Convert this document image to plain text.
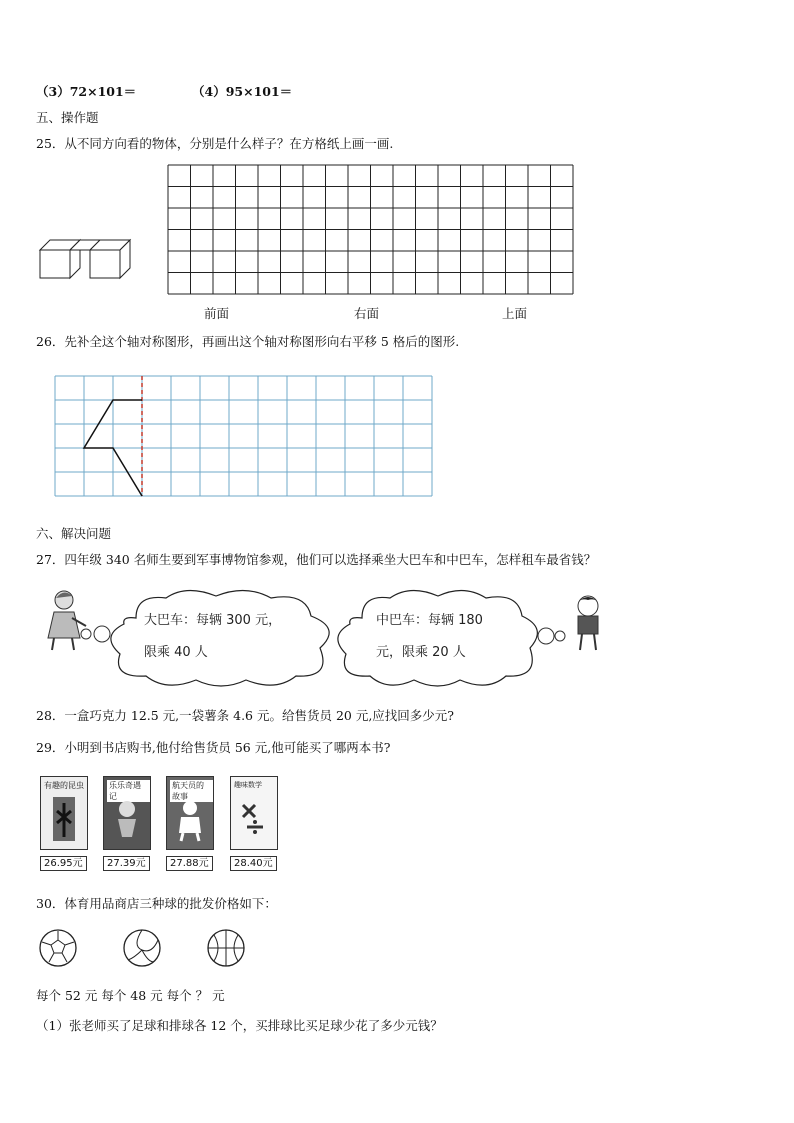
（3）72×101＝	（4）95×101＝
五、操作题
25．从不同方向看的物体，分别是什么样子？在方格纸上画一画.
前面	右面	上面
26．先补全这个轴对称图形，再画出这个轴对称图形向右平移 5 格后的图形.
六、解决问题
27．四年级 340 名师生要到军事博物馆参观，他们可以选择乘坐大巴车和中巴车，怎样租车最省钱？
大巴车：每辆 300 元，
限乘 40 人
中巴车：每辆 180
元，限乘 20 人
28．一盒巧克力 12.5 元,一袋薯条 4.6 元。给售货员 20 元,应找回多少元?
29．小明到书店购书,他付给售货员 56 元,他可能买了哪两本书?
有趣的昆虫
26.95元
乐乐奇遇记
27.39元
航天员的故事
27.88元
趣味数学
28.40元
30．体育用品商店三种球的批发价格如下：
每个 52 元 每个 48 元 每个 ？ 元
（1）张老师买了足球和排球各 12 个，买排球比买足球少花了多少元钱？
